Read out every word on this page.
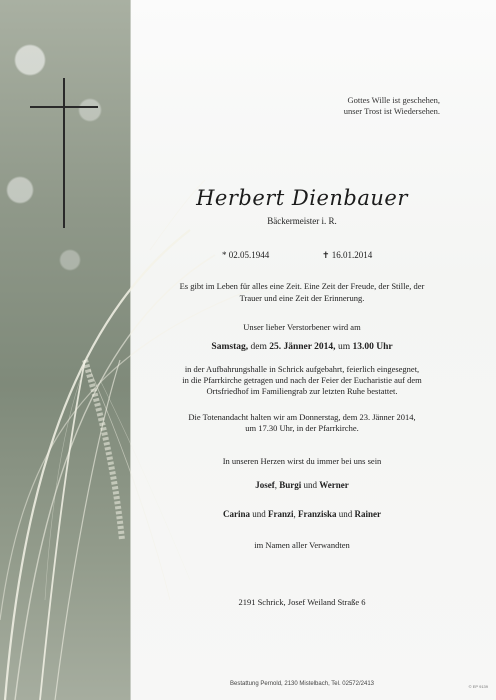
Gottes Wille ist geschehen,
unser Trost ist Wiedersehen.
Herbert Dienbauer
Bäckermeister i. R.
* 02.05.1944	✝ 16.01.2014
Es gibt im Leben für alles eine Zeit. Eine Zeit der Freude, der Stille, der
Trauer und eine Zeit der Erinnerung.
Unser lieber Verstorbener wird am
Samstag, dem 25. Jänner 2014, um 13.00 Uhr
in der Aufbahrungshalle in Schrick aufgebahrt, feierlich eingesegnet,
in die Pfarrkirche getragen und nach der Feier der Eucharistie auf dem
Ortsfriedhof im Familiengrab zur letzten Ruhe bestattet.
Die Totenandacht halten wir am Donnerstag, dem 23. Jänner 2014,
um 17.30 Uhr, in der Pfarrkirche.
In unseren Herzen wirst du immer bei uns sein
Josef, Burgi und Werner
Carina und Franzi, Franziska und Rainer
im Namen aller Verwandten
2191 Schrick, Josef Weiland Straße 6
Bestattung Pernold, 2130 Mistelbach, Tel. 02572/2413	© EP 9139
